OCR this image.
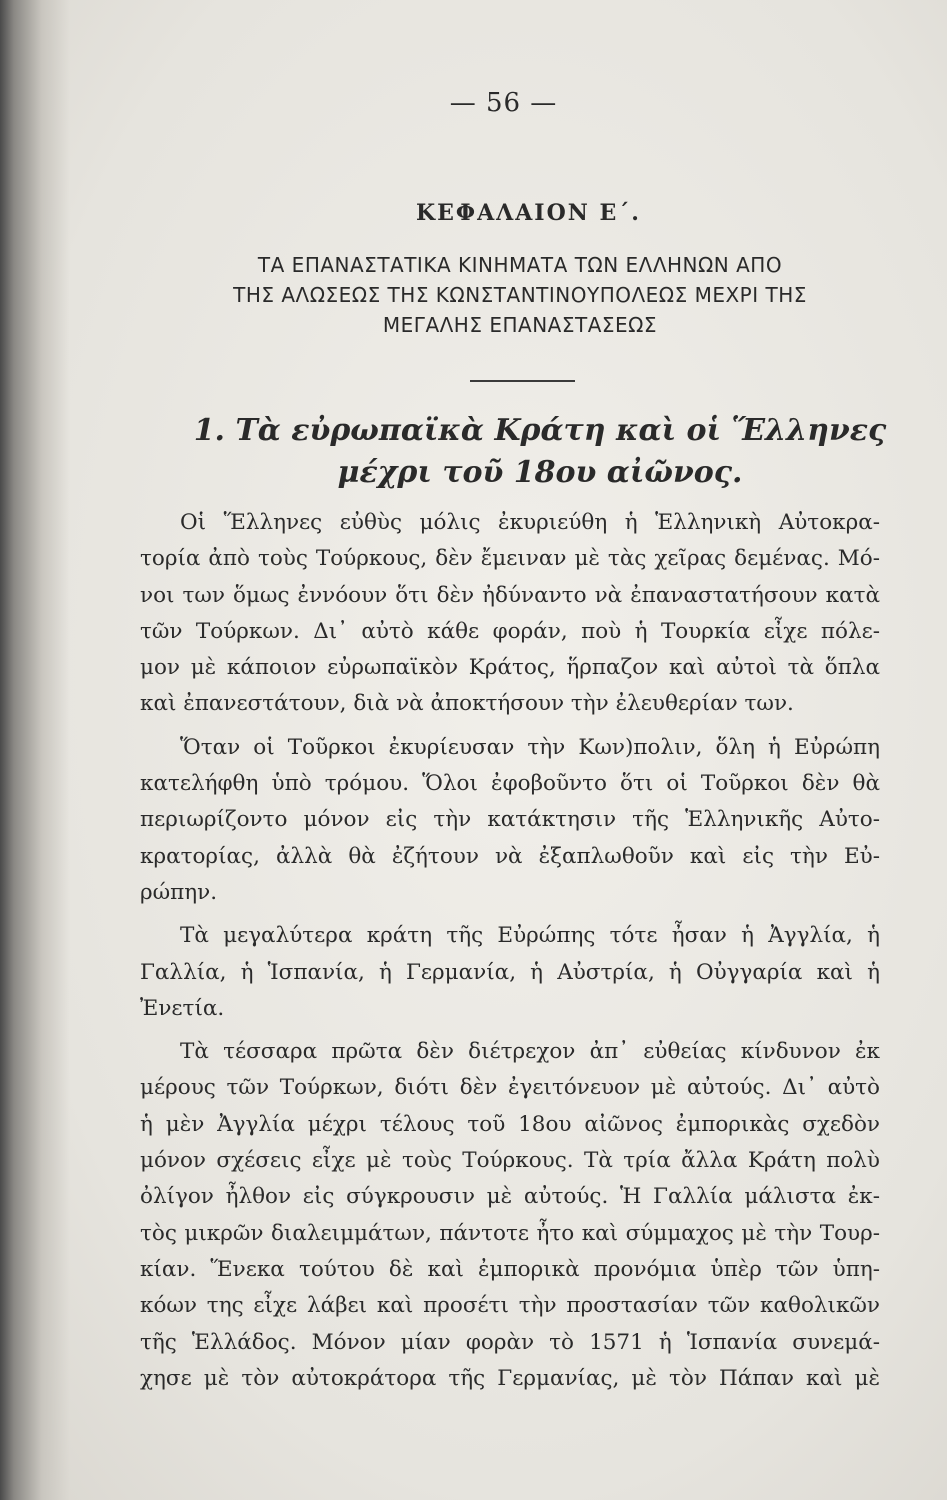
— 56 —
ΚΕΦΑΛΑΙΟΝ Ε΄.
ΤΑ ΕΠΑΝΑΣΤΑΤΙΚΑ ΚΙΝΗΜΑΤΑ ΤΩΝ ΕΛΛΗΝΩΝ ΑΠΟ
ΤΗΣ ΑΛΩΣΕΩΣ ΤΗΣ ΚΩΝΣΤΑΝΤΙΝΟΥΠΟΛΕΩΣ ΜΕΧΡΙ ΤΗΣ
ΜΕΓΑΛΗΣ ΕΠΑΝΑΣΤΑΣΕΩΣ
1. Τὰ εὐρωπαϊκὰ Κράτη καὶ οἱ Ἕλληνες
μέχρι τοῦ 18ου αἰῶνος.

Οἱ Ἕλληνες εὐθὺς μόλις ἐκυριεύθη ἡ Ἑλληνικὴ Αὐτοκρα-
τορία ἀπὸ τοὺς Τούρκους, δὲν ἔμειναν μὲ τὰς χεῖρας δεμένας. Μό-
νοι των ὅμως ἐννόουν ὅτι δὲν ἠδύναντο νὰ ἐπαναστατήσουν κατὰ
τῶν Τούρκων. Δι᾿ αὐτὸ κάθε φοράν, ποὺ ἡ Τουρκία εἶχε πόλε-
μον μὲ κάποιον εὐρωπαϊκὸν Κράτος, ἥρπαζον καὶ αὐτοὶ τὰ ὅπλα
καὶ ἐπανεστάτουν, διὰ νὰ ἀποκτήσουν τὴν ἐλευθερίαν των.

Ὅταν οἱ Τοῦρκοι ἐκυρίευσαν τὴν Κων)πολιν, ὅλη ἡ Εὐρώπη
κατελήφθη ὑπὸ τρόμου. Ὅλοι ἐφοβοῦντο ὅτι οἱ Τοῦρκοι δὲν θὰ
περιωρίζοντο μόνον εἰς τὴν κατάκτησιν τῆς Ἑλληνικῆς Αὐτο-
κρατορίας, ἀλλὰ θὰ ἐζήτουν νὰ ἐξαπλωθοῦν καὶ εἰς τὴν Εὐ-
ρώπην.

Τὰ μεγαλύτερα κράτη τῆς Εὐρώπης τότε ἦσαν ἡ Ἀγγλία, ἡ
Γαλλία, ἡ Ἱσπανία, ἡ Γερμανία, ἡ Αὐστρία, ἡ Οὐγγαρία καὶ ἡ
Ἐνετία.

Τὰ τέσσαρα πρῶτα δὲν διέτρεχον ἀπ᾿ εὐθείας κίνδυνον ἐκ
μέρους τῶν Τούρκων, διότι δὲν ἐγειτόνευον μὲ αὐτούς. Δι᾿ αὐτὸ
ἡ μὲν Ἀγγλία μέχρι τέλους τοῦ 18ου αἰῶνος ἐμπορικὰς σχεδὸν
μόνον σχέσεις εἶχε μὲ τοὺς Τούρκους. Τὰ τρία ἄλλα Κράτη πολὺ
ὀλίγον ἦλθον εἰς σύγκρουσιν μὲ αὐτούς. Ἡ Γαλλία μάλιστα ἐκ-
τὸς μικρῶν διαλειμμάτων, πάντοτε ἦτο καὶ σύμμαχος μὲ τὴν Τουρ-
κίαν. Ἕνεκα τούτου δὲ καὶ ἐμπορικὰ προνόμια ὑπὲρ τῶν ὑπη-
κόων της εἶχε λάβει καὶ προσέτι τὴν προστασίαν τῶν καθολικῶν
τῆς Ἑλλάδος. Μόνον μίαν φορὰν τὸ 1571 ἡ Ἱσπανία συνεμά-
χησε μὲ τὸν αὐτοκράτορα τῆς Γερμανίας, μὲ τὸν Πάπαν καὶ μὲ
